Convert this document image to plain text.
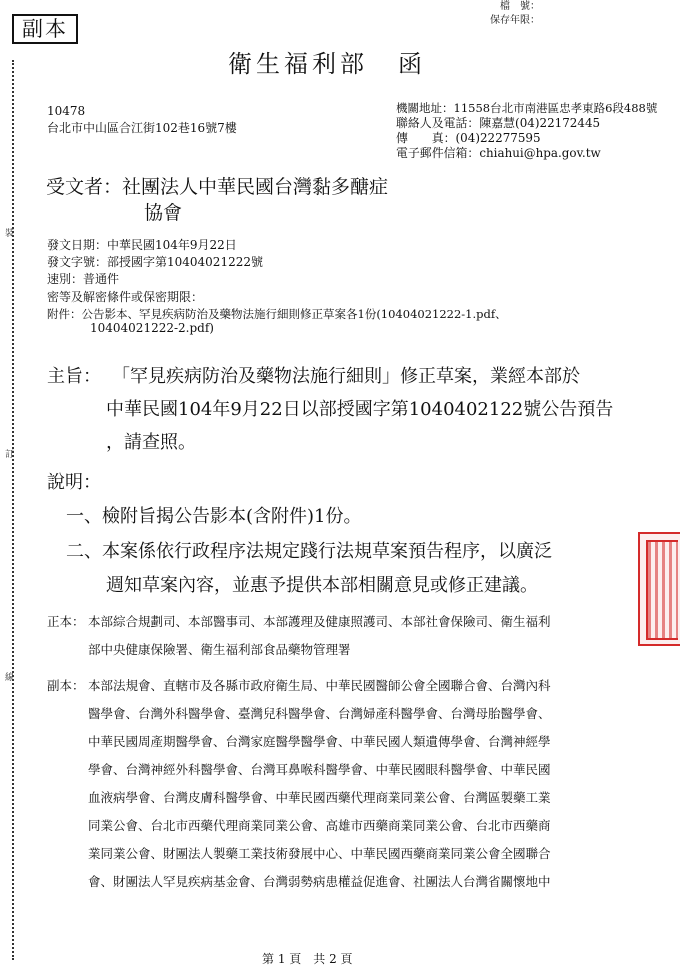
副本
檔　號：
保存年限：
裝
訂
線
衛生福利部 函
10478
台北市中山區合江街102巷16號7樓
機關地址：11558台北市南港區忠孝東路6段488號
聯絡人及電話：陳嘉慧(04)22172445
傳　　真：(04)22277595
電子郵件信箱：chiahui@hpa.gov.tw
受文者：社團法人中華民國台灣黏多醣症
協會
發文日期：中華民國104年9月22日
發文字號：部授國字第10404021222號
速別：普通件
密等及解密條件或保密期限：
附件：公告影本、罕見疾病防治及藥物法施行細則修正草案各1份(10404021222-1.pdf、
10404021222-2.pdf)
主旨： 「罕見疾病防治及藥物法施行細則」修正草案，業經本部於
中華民國104年9月22日以部授國字第1040402122號公告預告
，請查照。
說明：
一、檢附旨揭公告影本(含附件)1份。
二、本案係依行政程序法規定踐行法規草案預告程序，以廣泛
週知草案內容，並惠予提供本部相關意見或修正建議。
正本： 本部綜合規劃司、本部醫事司、本部護理及健康照護司、本部社會保險司、衛生福利
部中央健康保險署、衛生福利部食品藥物管理署
副本： 本部法規會、直轄市及各縣市政府衛生局、中華民國醫師公會全國聯合會、台灣內科
醫學會、台灣外科醫學會、臺灣兒科醫學會、台灣婦產科醫學會、台灣母胎醫學會、
中華民國周產期醫學會、台灣家庭醫學醫學會、中華民國人類遺傳學會、台灣神經學
學會、台灣神經外科醫學會、台灣耳鼻喉科醫學會、中華民國眼科醫學會、中華民國
血液病學會、台灣皮膚科醫學會、中華民國西藥代理商業同業公會、台灣區製藥工業
同業公會、台北市西藥代理商業同業公會、高雄市西藥商業同業公會、台北市西藥商
業同業公會、財團法人製藥工業技術發展中心、中華民國西藥商業同業公會全國聯合
會、財團法人罕見疾病基金會、台灣弱勢病患權益促進會、社團法人台灣省關懷地中
第 1 頁　共 2 頁
